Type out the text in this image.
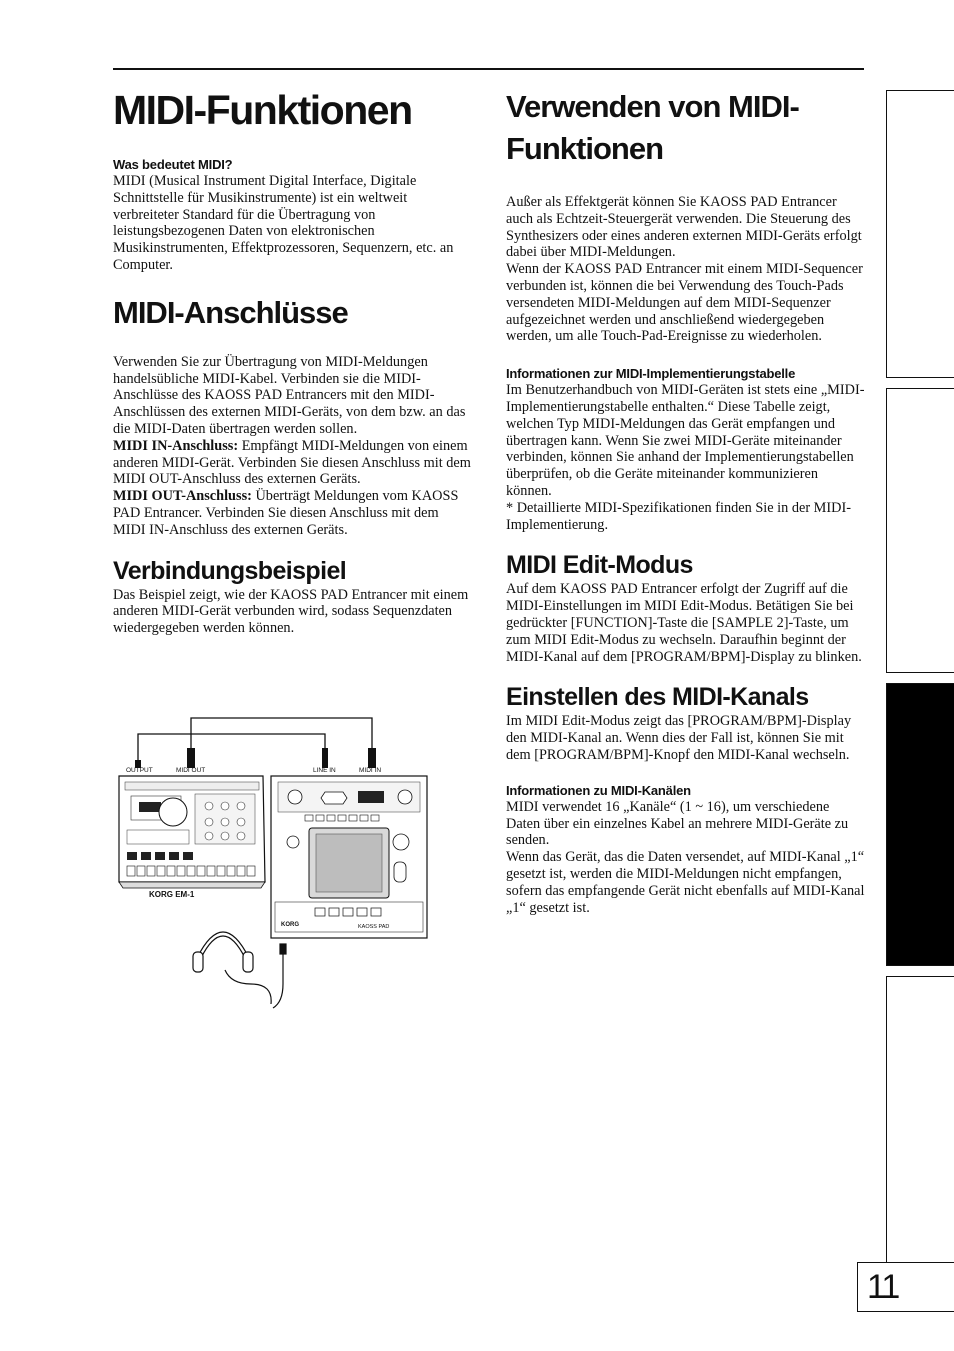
MIDI-Funktionen
Was bedeutet MIDI?

MIDI (Musical Instrument Digital Interface, Digitale Schnittstelle für Musikinstrumente) ist ein weltweit verbreiteter Standard für die Übertragung von leistungsbezogenen Daten von elektronischen Musikinstrumenten, Effektprozessoren, Sequenzern, etc. an Computer.

MIDI-Anschlüsse

Verwenden Sie zur Übertragung von MIDI-Meldungen handelsübliche MIDI-Kabel. Verbinden sie die MIDI-Anschlüsse des KAOSS PAD Entrancers mit den MIDI-Anschlüssen des externen MIDI-Geräts, von dem bzw. an das die MIDI-Daten übertragen werden sollen.

MIDI IN-Anschluss: Empfängt MIDI-Meldungen von einem anderen MIDI-Gerät. Verbinden Sie diesen Anschluss mit dem MIDI OUT-Anschluss des externen Geräts.

MIDI OUT-Anschluss: Überträgt Meldungen vom KAOSS PAD Entrancer. Verbinden Sie diesen Anschluss mit dem MIDI IN-Anschluss des externen Geräts.

Verbindungsbeispiel

Das Beispiel zeigt, wie der KAOSS PAD Entrancer mit einem anderen MIDI-Gerät verbunden wird, sodass Sequenzdaten wiedergegeben werden können.

OUTPUT	MIDI OUT	LINE IN	MIDI IN
KORG EM-1
KORG	KAOSS PAD
Verwenden von MIDI-Funktionen

Außer als Effektgerät können Sie KAOSS PAD Entrancer auch als Echtzeit-Steuergerät verwenden. Die Steuerung des Synthesizers oder eines anderen externen MIDI-Geräts erfolgt dabei über MIDI-Meldungen.

Wenn der KAOSS PAD Entrancer mit einem MIDI-Sequencer verbunden ist, können die bei Verwendung des Touch-Pads versendeten MIDI-Meldungen auf dem MIDI-Sequenzer aufgezeichnet werden und anschließend wiedergegeben werden, um alle Touch-Pad-Ereignisse zu wiederholen.

Informationen zur MIDI-Implementierungstabelle

Im Benutzerhandbuch von MIDI-Geräten ist stets eine „MIDI-Implementierungstabelle enthalten.“ Diese Tabelle zeigt, welchen Typ MIDI-Meldungen das Gerät empfangen und übertragen kann. Wenn Sie zwei MIDI-Geräte miteinander verbinden, können Sie anhand der Implementierungstabellen überprüfen, ob die Geräte miteinander kommunizieren können.

* Detaillierte MIDI-Spezifikationen finden Sie in der MIDI-Implementierung.

MIDI Edit-Modus

Auf dem KAOSS PAD Entrancer erfolgt der Zugriff auf die MIDI-Einstellungen im MIDI Edit-Modus. Betätigen Sie bei gedrückter [FUNCTION]-Taste die [SAMPLE 2]-Taste, um zum MIDI Edit-Modus zu wechseln. Daraufhin beginnt der MIDI-Kanal auf dem [PROGRAM/BPM]-Display zu blinken.

Einstellen des MIDI-Kanals

Im MIDI Edit-Modus zeigt das [PROGRAM/BPM]-Display den MIDI-Kanal an. Wenn dies der Fall ist, können Sie mit dem [PROGRAM/BPM]-Knopf den MIDI-Kanal wechseln.

Informationen zu MIDI-Kanälen

MIDI verwendet 16 „Kanäle“ (1 ~ 16), um verschiedene Daten über ein einzelnes Kabel an mehrere MIDI-Geräte zu senden.

Wenn das Gerät, das die Daten versendet, auf MIDI-Kanal „1“ gesetzt ist, werden die MIDI-Meldungen nicht empfangen, sofern das empfangende Gerät nicht ebenfalls auf MIDI-Kanal „1“ gesetzt ist.

11
